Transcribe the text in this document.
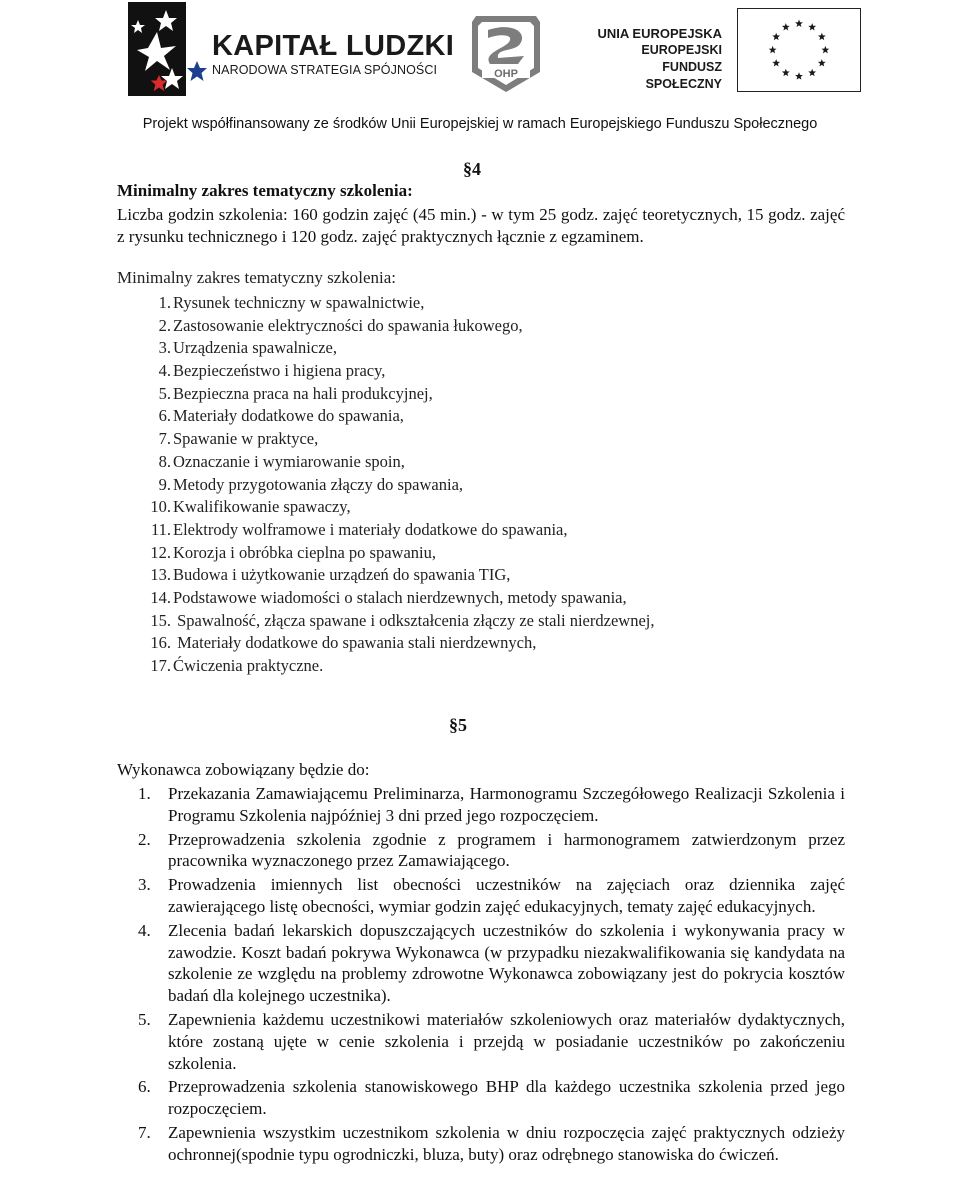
KAPITAŁ LUDZKI
NARODOWA STRATEGIA SPÓJNOŚCI	OHP
UNIA EUROPEJSKA
EUROPEJSKI
FUNDUSZ SPOŁECZNY
Projekt współfinansowany ze środków Unii Europejskiej w ramach Europejskiego Funduszu Społecznego
§4
Minimalny zakres tematyczny szkolenia:
Liczba godzin szkolenia: 160 godzin zajęć (45 min.) - w tym 25 godz. zajęć teoretycznych, 15 godz. zajęć z rysunku technicznego i 120 godz. zajęć praktycznych łącznie z egzaminem.
Minimalny zakres tematyczny szkolenia:
1. Rysunek techniczny w spawalnictwie,
2. Zastosowanie elektryczności do spawania łukowego,
3. Urządzenia spawalnicze,
4. Bezpieczeństwo i higiena pracy,
5. Bezpieczna praca na hali produkcyjnej,
6. Materiały dodatkowe do spawania,
7. Spawanie w praktyce,
8. Oznaczanie i wymiarowanie spoin,
9. Metody przygotowania złączy do spawania,
10. Kwalifikowanie spawaczy,
11. Elektrody wolframowe i materiały dodatkowe do spawania,
12. Korozja i obróbka cieplna po spawaniu,
13. Budowa i użytkowanie urządzeń do spawania TIG,
14. Podstawowe wiadomości o stalach nierdzewnych, metody spawania,
15. Spawalność, złącza spawane i odkształcenia złączy ze stali nierdzewnej,
16. Materiały dodatkowe do spawania stali nierdzewnych,
17. Ćwiczenia praktyczne.
§5
Wykonawca zobowiązany będzie do:
1. Przekazania Zamawiającemu Preliminarza, Harmonogramu Szczegółowego Realizacji Szkolenia i Programu Szkolenia najpóźniej 3 dni przed jego rozpoczęciem.
2. Przeprowadzenia szkolenia zgodnie z programem i harmonogramem zatwierdzonym przez pracownika wyznaczonego przez Zamawiającego.
3. Prowadzenia imiennych list obecności uczestników na zajęciach oraz dziennika zajęć zawierającego listę obecności, wymiar godzin zajęć edukacyjnych, tematy zajęć edukacyjnych.
4. Zlecenia badań lekarskich dopuszczających uczestników do szkolenia i wykonywania pracy w zawodzie. Koszt badań pokrywa Wykonawca (w przypadku niezakwalifikowania się kandydata na szkolenie ze względu na problemy zdrowotne Wykonawca zobowiązany jest do pokrycia kosztów badań dla kolejnego uczestnika).
5. Zapewnienia każdemu uczestnikowi materiałów szkoleniowych oraz materiałów dydaktycznych, które zostaną ujęte w cenie szkolenia i przejdą w posiadanie uczestników po zakończeniu szkolenia.
6. Przeprowadzenia szkolenia stanowiskowego BHP dla każdego uczestnika szkolenia przed jego rozpoczęciem.
7. Zapewnienia wszystkim uczestnikom szkolenia w dniu rozpoczęcia zajęć praktycznych odzieży ochronnej(spodnie typu ogrodniczki, bluza, buty) oraz odrębnego stanowiska do ćwiczeń.
